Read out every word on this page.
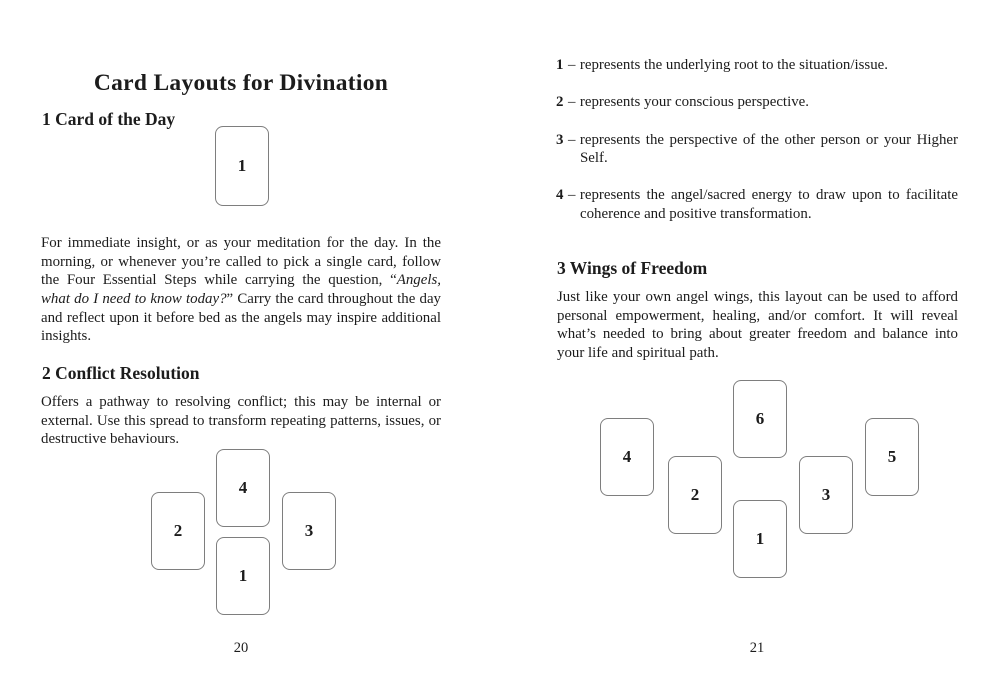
Card Layouts for Divination
1 Card of the Day
1

For immediate insight, or as your meditation for the day. In the morning, or whenever you’re called to pick a single card, follow the Four Essential Steps while carrying the question, “Angels, what do I need to know today?” Carry the card throughout the day and reflect upon it before bed as the angels may inspire additional insights.

2 Conflict Resolution

Offers a pathway to resolving conflict; this may be internal or external. Use this spread to transform repeating patterns, issues, or destructive behaviours.

4
2
1
3
20

1 – represents the underlying root to the situation/issue.

2 – represents your conscious perspective.

3 – represents the perspective of the other person or your Higher Self.

4 – represents the angel/sacred energy to draw upon to facilitate coherence and positive transformation.

3 Wings of Freedom

Just like your own angel wings, this layout can be used to afford personal empowerment, healing, and/or comfort. It will reveal what’s needed to bring about greater freedom and balance into your life and spiritual path.

6
4	5
2	3
1
21
